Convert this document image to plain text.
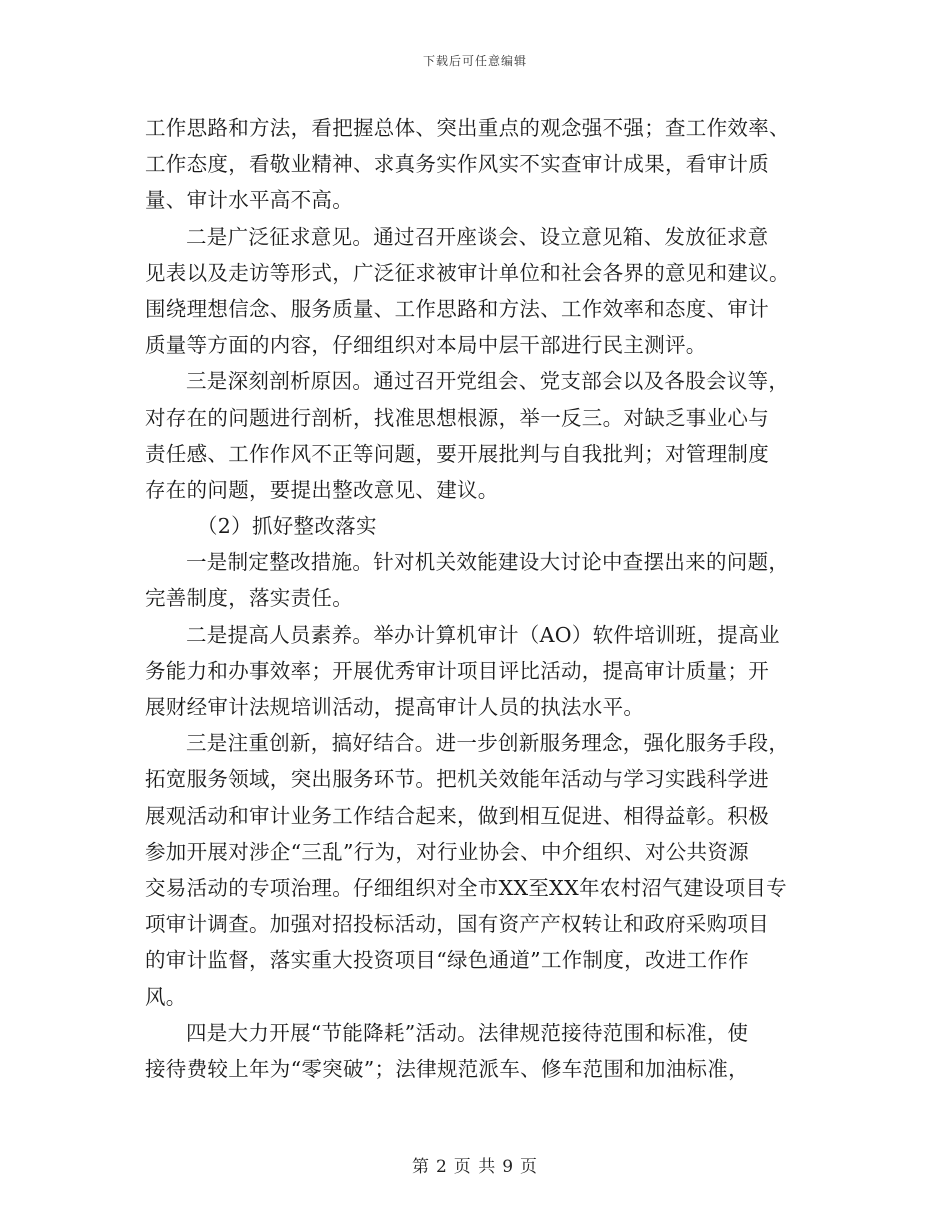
下载后可任意编辑
工作思路和方法，看把握总体、突出重点的观念强不强；查工作效率、
工作态度，看敬业精神、求真务实作风实不实查审计成果，看审计质
量、审计水平高不高。
二是广泛征求意见。通过召开座谈会、设立意见箱、发放征求意
见表以及走访等形式，广泛征求被审计单位和社会各界的意见和建议。
围绕理想信念、服务质量、工作思路和方法、工作效率和态度、审计
质量等方面的内容，仔细组织对本局中层干部进行民主测评。
三是深刻剖析原因。通过召开党组会、党支部会以及各股会议等，
对存在的问题进行剖析，找准思想根源，举一反三。对缺乏事业心与
责任感、工作作风不正等问题，要开展批判与自我批判；对管理制度
存在的问题，要提出整改意见、建议。
（2）抓好整改落实
一是制定整改措施。针对机关效能建设大讨论中查摆出来的问题，
完善制度，落实责任。
二是提高人员素养。举办计算机审计（AO）软件培训班，提高业
务能力和办事效率；开展优秀审计项目评比活动，提高审计质量；开
展财经审计法规培训活动，提高审计人员的执法水平。
三是注重创新，搞好结合。进一步创新服务理念，强化服务手段，
拓宽服务领域，突出服务环节。把机关效能年活动与学习实践科学进
展观活动和审计业务工作结合起来，做到相互促进、相得益彰。积极
参加开展对涉企“三乱”行为，对行业协会、中介组织、对公共资源
交易活动的专项治理。仔细组织对全市XX至XX年农村沼气建设项目专
项审计调查。加强对招投标活动，国有资产产权转让和政府采购项目
的审计监督，落实重大投资项目“绿色通道”工作制度，改进工作作
风。
四是大力开展“节能降耗”活动。法律规范接待范围和标准，使
接待费较上年为“零突破”；法律规范派车、修车范围和加油标准，
第 2 页 共 9 页
